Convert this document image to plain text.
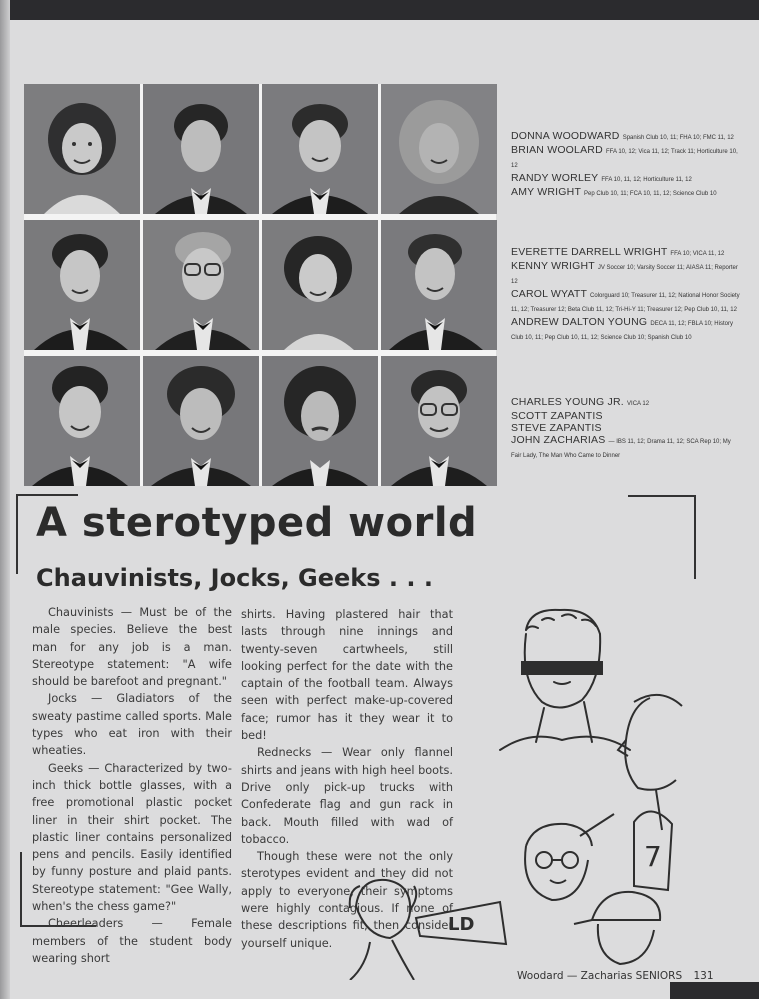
DONNA WOODWARD Spanish Club 10, 11; FHA 10; FMC 11, 12

BRIAN WOOLARD FFA 10, 12; Vica 11, 12; Track 11; Horticulture 10, 12

RANDY WORLEY FFA 10, 11, 12; Horticulture 11, 12

AMY WRIGHT Pep Club 10, 11; FCA 10, 11, 12; Science Club 10

EVERETTE DARRELL WRIGHT FFA 10; VICA 11, 12

KENNY WRIGHT JV Soccer 10; Varsity Soccer 11; AIASA 11; Reporter 12

CAROL WYATT Colorguard 10; Treasurer 11, 12; National Honor Society 11, 12; Treasurer 12; Beta Club 11, 12; Tri-Hi-Y 11; Treasurer 12; Pep Club 10, 11, 12

ANDREW DALTON YOUNG DECA 11, 12; FBLA 10; History Club 10, 11; Pep Club 10, 11, 12; Science Club 10; Spanish Club 10

CHARLES YOUNG JR. VICA 12

SCOTT ZAPANTIS

STEVE ZAPANTIS

JOHN ZACHARIAS — IBS 11, 12; Drama 11, 12; SCA Rep 10; My Fair Lady, The Man Who Came to Dinner

A sterotyped world
Chauvinists, Jocks, Geeks . . .

Chauvinists — Must be of the male species. Believe the best man for any job is a man. Stereotype statement: "A wife should be barefoot and pregnant."

Jocks — Gladiators of the sweaty pastime called sports. Male types who eat iron with their wheaties.

Geeks — Characterized by two-inch thick bottle glasses, with a free promotional plastic pocket liner in their shirt pocket. The plastic liner contains personalized pens and pencils. Easily identified by funny posture and plaid pants. Stereotype statement: "Gee Wally, when's the chess game?"

Cheerleaders — Female members of the student body wearing short

shirts. Having plastered hair that lasts through nine innings and twenty-seven cartwheels, still looking perfect for the date with the captain of the football team. Always seen with perfect make-up-covered face; rumor has it they wear it to bed!

Rednecks — Wear only flannel shirts and jeans with high heel boots. Drive only pick-up trucks with Confederate flag and gun rack in back. Mouth filled with wad of tobacco.

Though these were not the only sterotypes evident and they did not apply to everyone, their symptoms were highly contagious. If none of these descriptions fit, then consider yourself unique.

7
LD
Woodard — Zacharias SENIORS 131
